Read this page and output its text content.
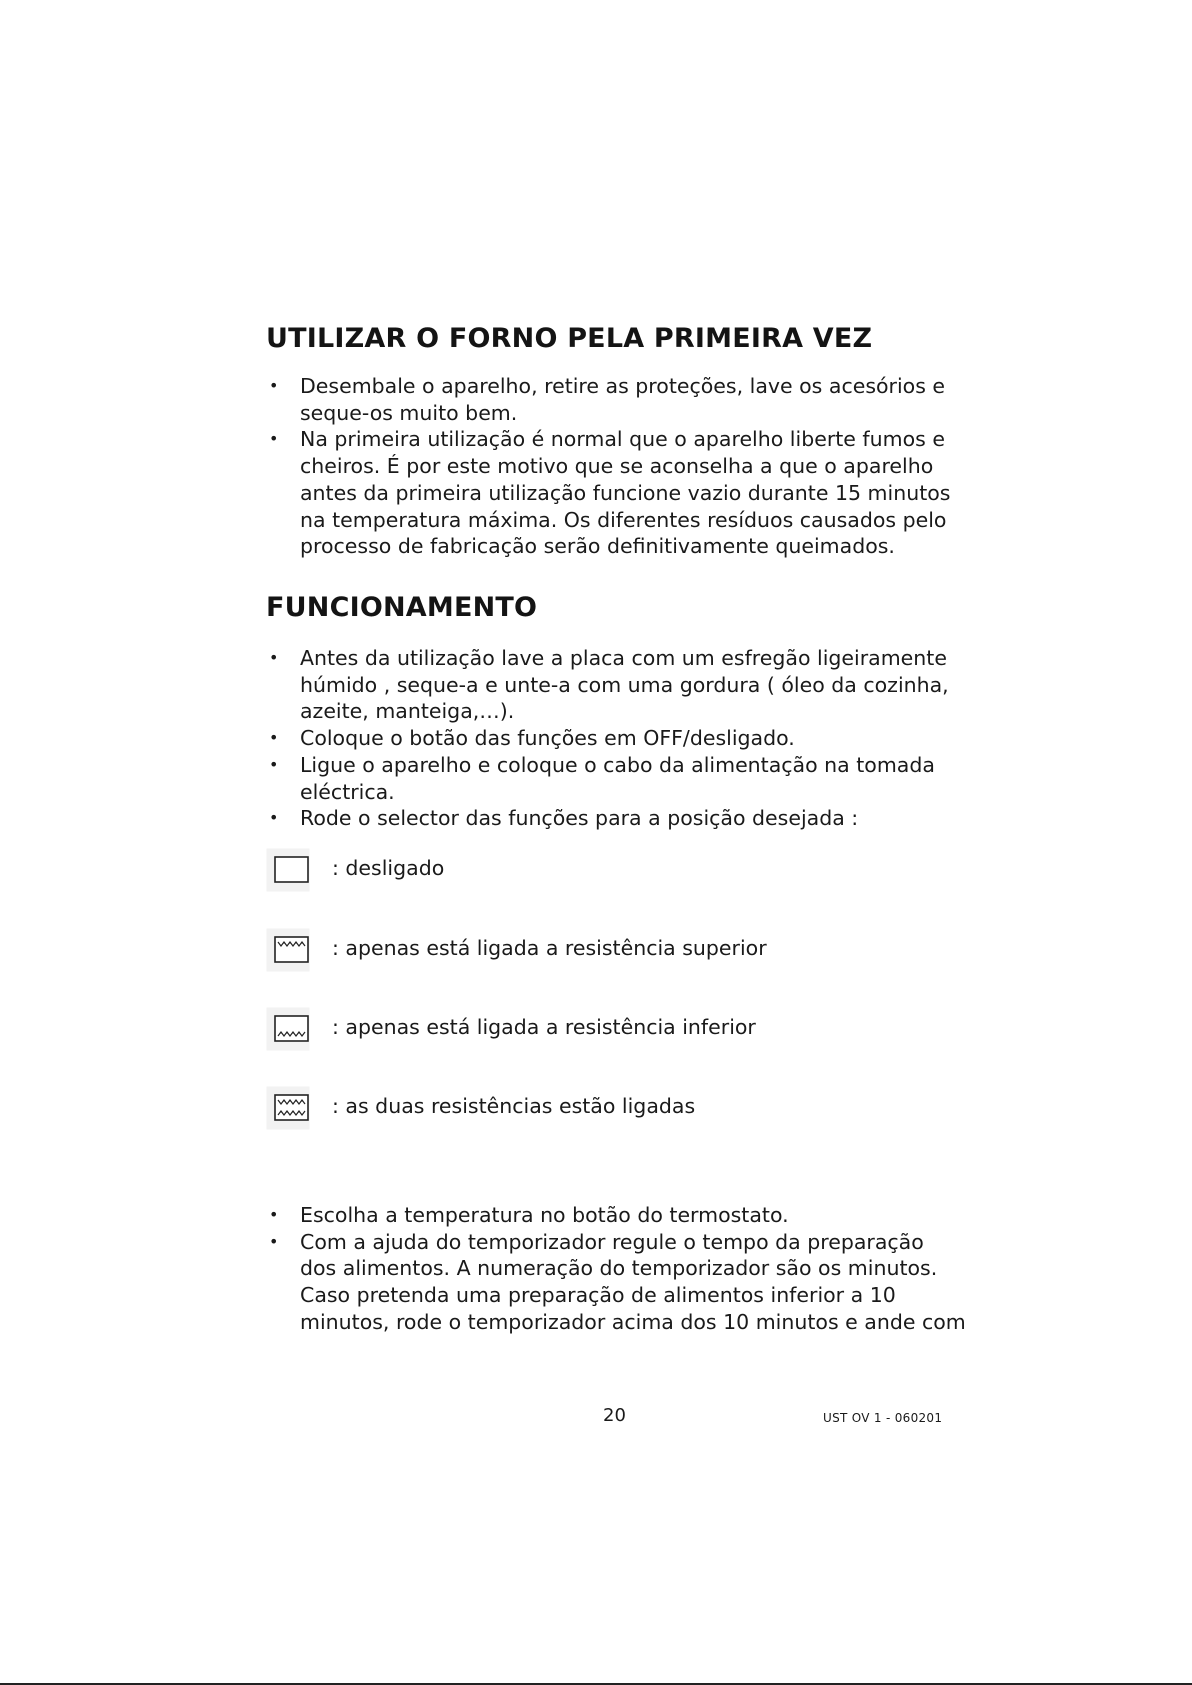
UTILIZAR O FORNO PELA PRIMEIRA VEZ
• Desembale o aparelho, retire as proteções, lave os acesórios e seque-os muito bem.
• Na primeira utilização é normal que o aparelho liberte fumos e cheiros. É por este motivo que se aconselha a que o aparelho antes da primeira utilização funcione vazio durante 15 minutos na temperatura máxima. Os diferentes resíduos causados pelo processo de fabricação serão definitivamente queimados.
FUNCIONAMENTO
• Antes da utilização lave a placa com um esfregão ligeiramente húmido , seque-a e unte-a com uma gordura ( óleo da cozinha, azeite, manteiga,…).
• Coloque o botão das funções em OFF/desligado.
• Ligue o aparelho e coloque o cabo da alimentação na tomada eléctrica.
• Rode o selector das funções para a posição desejada :
: desligado
: apenas está ligada a resistência superior
: apenas está ligada a resistência inferior
: as duas resistências estão ligadas
• Escolha a temperatura no botão do termostato.
• Com a ajuda do temporizador regule o tempo da preparação dos alimentos. A numeração do temporizador são os minutos. Caso pretenda uma preparação de alimentos inferior a 10 minutos, rode o temporizador acima dos 10 minutos e ande com
20	UST OV 1 - 060201
